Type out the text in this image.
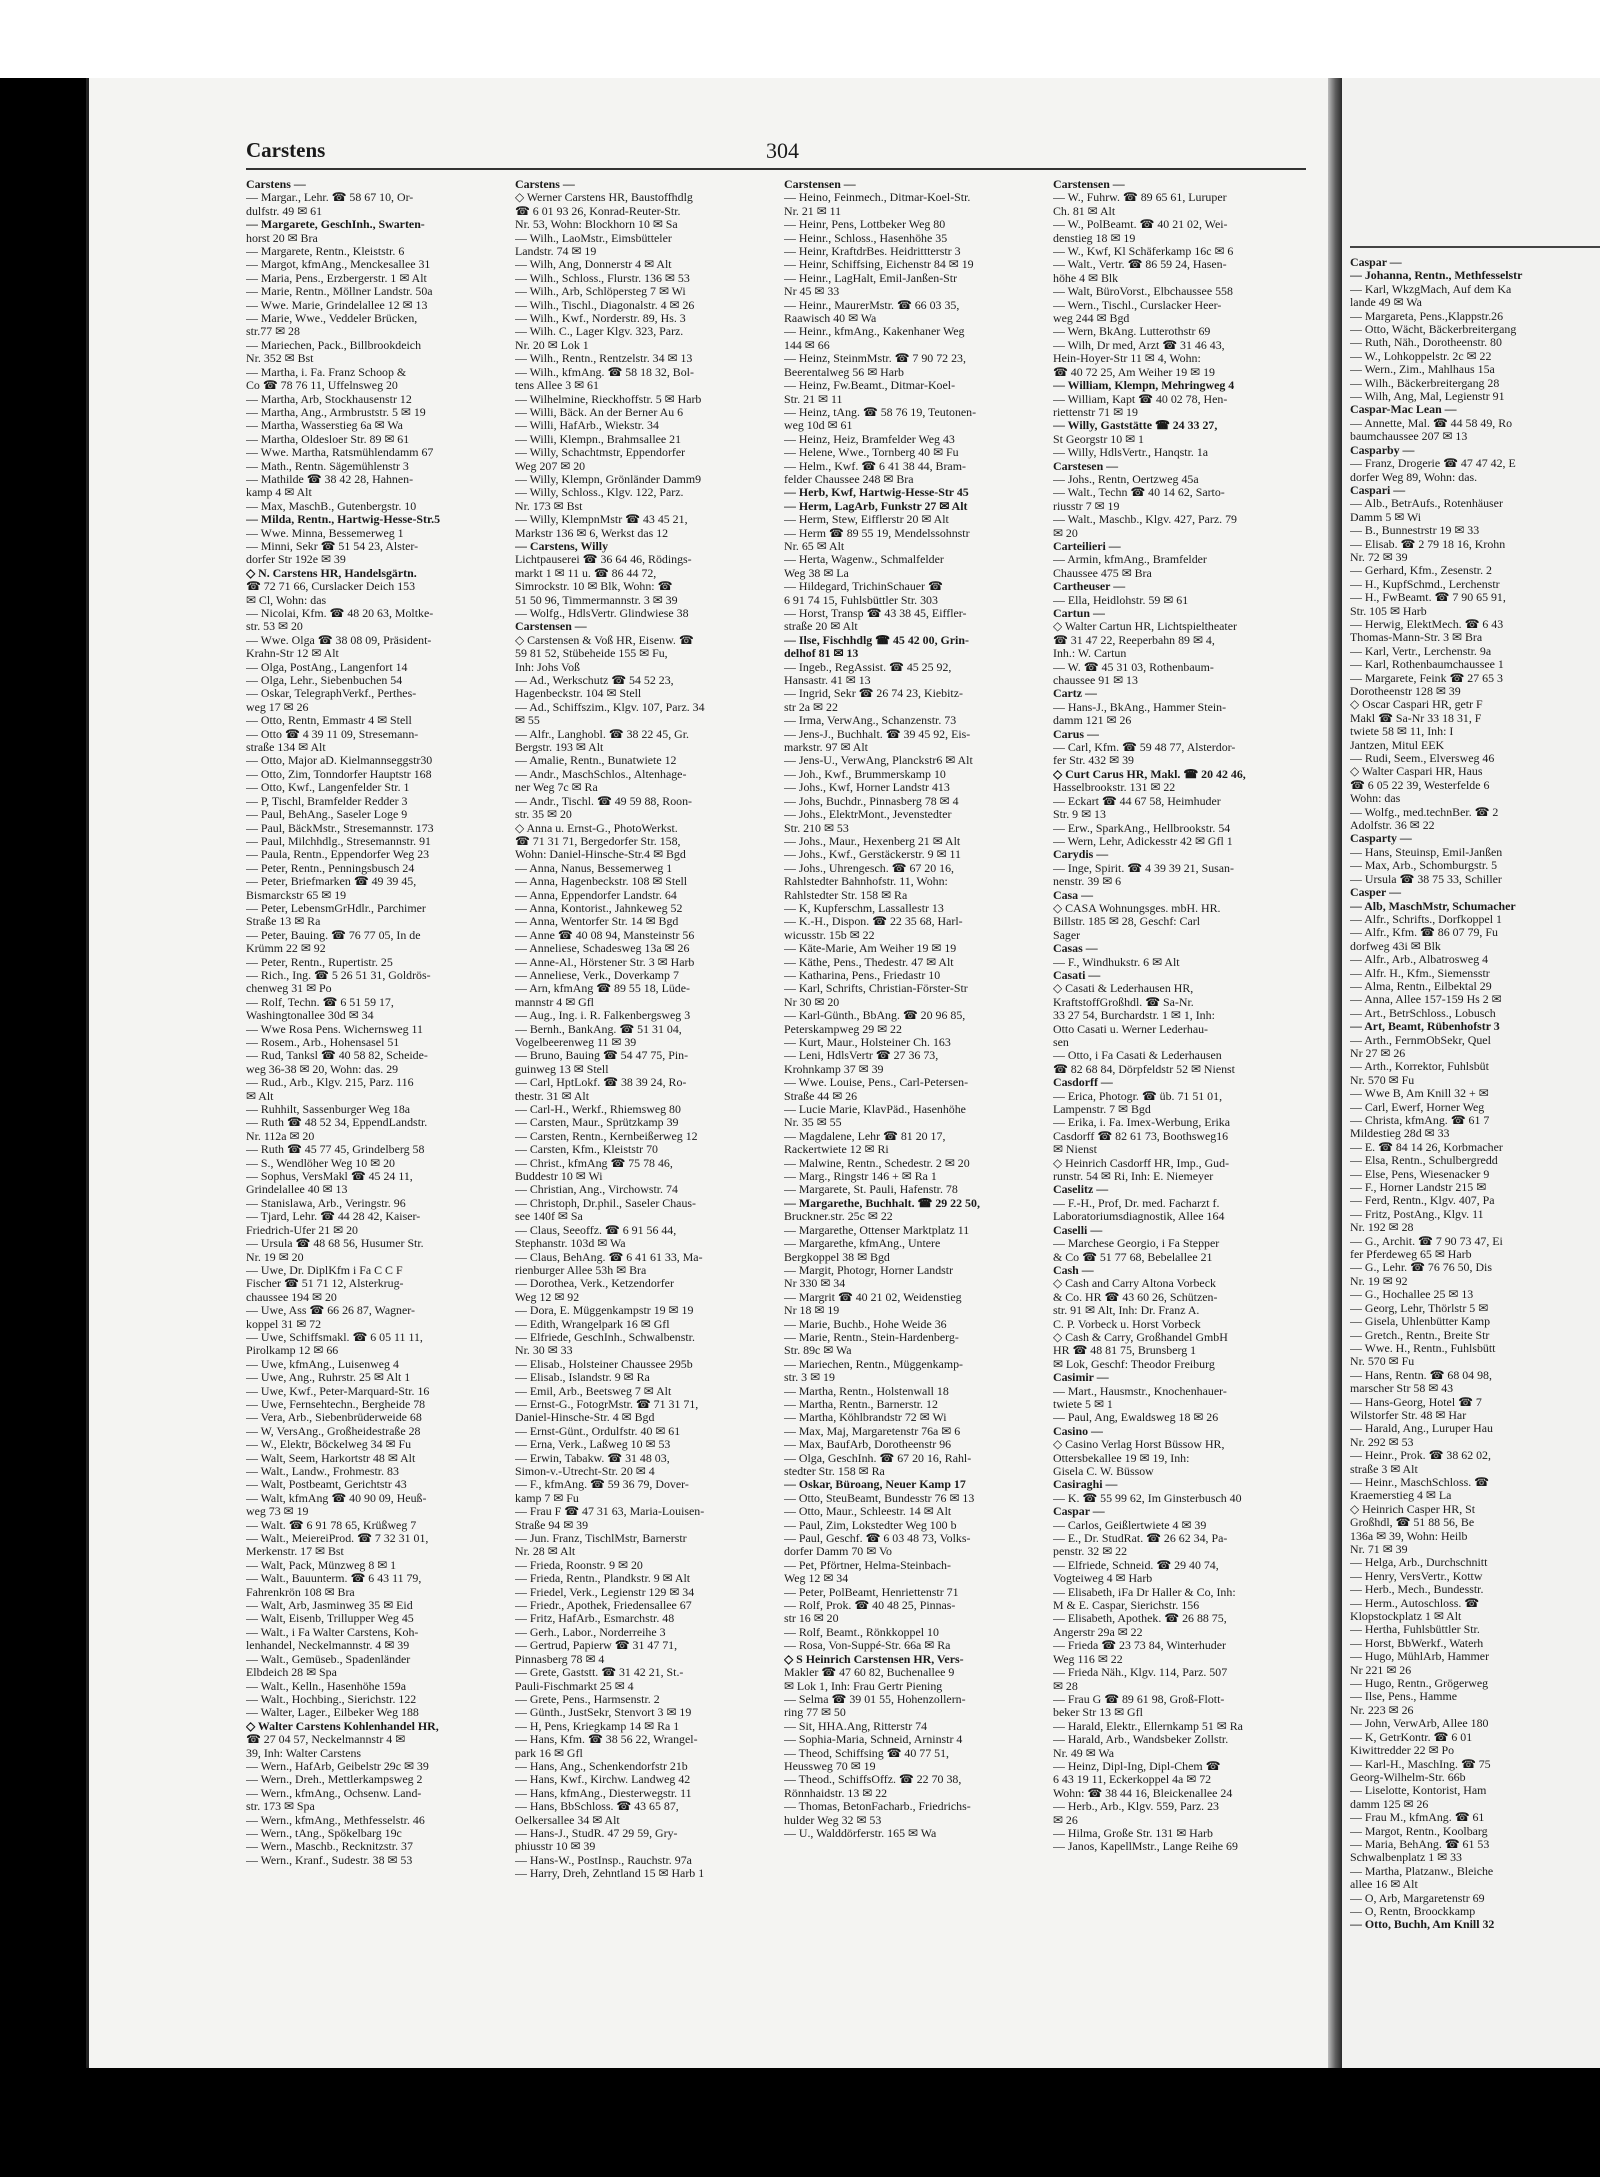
Caspar —
— Johanna, Rentn., Methfesselstr
— Karl, WkzgMach, Auf dem Ka
lande 49 ✉ Wa
— Margareta, Pens.,Klappstr.26
— Otto, Wächt, Bäckerbreitergang
— Ruth, Näh., Dorotheenstr. 80
— W., Lohkoppelstr. 2c ✉ 22
— Wern., Zim., Mahlhaus 15a
— Wilh., Bäckerbreitergang 28
— Wilh, Ang, Mal, Legienstr 91
Caspar-Mac Lean —
— Annette, Mal. ☎ 44 58 49, Ro
baumchaussee 207 ✉ 13
Casparby —
— Franz, Drogerie ☎ 47 47 42, E
dorfer Weg 89, Wohn: das.
Caspari —
— Alb., BetrAufs., Rotenhäuser
Damm 5 ✉ Wi
— B., Bunnestrstr 19 ✉ 33
— Elisab. ☎ 2 79 18 16, Krohn
Nr. 72 ✉ 39
— Gerhard, Kfm., Zesenstr. 2
— H., KupfSchmd., Lerchenstr
— H., FwBeamt. ☎ 7 90 65 91,
Str. 105 ✉ Harb
— Herwig, ElektMech. ☎ 6 43
Thomas-Mann-Str. 3 ✉ Bra
— Karl, Vertr., Lerchenstr. 9a
— Karl, Rothenbaumchaussee 1
— Margarete, Feink ☎ 27 65 3
Dorotheenstr 128 ✉ 39
◇ Oscar Caspari HR, getr F
Makl ☎ Sa-Nr 33 18 31, F
twiete 58 ✉ 11, Inh: I
Jantzen, Mitul EEK
— Rudi, Seem., Elversweg 46
◇ Walter Caspari HR, Haus
☎ 6 05 22 39, Westerfelde 6
Wohn: das
— Wolfg., med.technBer. ☎ 2
Adolfstr. 36 ✉ 22
Casparty —
— Hans, Steuinsp, Emil-Janßen
— Max, Arb., Schomburgstr. 5
— Ursula ☎ 38 75 33, Schiller
Casper —
— Alb, MaschMstr, Schumacher
— Alfr., Schrifts., Dorfkoppel 1
— Alfr., Kfm. ☎ 86 07 79, Fu
dorfweg 43i ✉ Blk
— Alfr., Arb., Albatrosweg 4
— Alfr. H., Kfm., Siemensstr
— Alma, Rentn., Eilbektal 29
— Anna, Allee 157-159 Hs 2 ✉
— Art., BetrSchloss., Lobusch
— Art, Beamt, Rübenhofstr 3
— Arth., FernmObSekr, Quel
Nr 27 ✉ 26
— Arth., Korrektor, Fuhlsbüt
Nr. 570 ✉ Fu
— Wwe B, Am Knill 32 + ✉
— Carl, Ewerf, Horner Weg
— Christa, kfmAng. ☎ 61 7
Mildestieg 28d ✉ 33
— E. ☎ 84 14 26, Korbmacher
— Elsa, Rentn., Schulbergredd
— Else, Pens, Wiesenacker 9
— F., Horner Landstr 215 ✉
— Ferd, Rentn., Klgv. 407, Pa
— Fritz, PostAng., Klgv. 11
Nr. 192 ✉ 28
— G., Archit. ☎ 7 90 73 47, Ei
fer Pferdeweg 65 ✉ Harb
— G., Lehr. ☎ 76 76 50, Dis
Nr. 19 ✉ 92
— G., Hochallee 25 ✉ 13
— Georg, Lehr, Thörlstr 5 ✉
— Gisela, Uhlenbütter Kamp
— Gretch., Rentn., Breite Str
— Wwe. H., Rentn., Fuhlsbütt
Nr. 570 ✉ Fu
— Hans, Rentn. ☎ 68 04 98,
marscher Str 58 ✉ 43
— Hans-Georg, Hotel ☎ 7
Wilstorfer Str. 48 ✉ Har
— Harald, Ang., Luruper Hau
Nr. 292 ✉ 53
— Heinr., Prok. ☎ 38 62 02,
straße 3 ✉ Alt
— Heinr., MaschSchloss. ☎
Kraemerstieg 4 ✉ La
◇ Heinrich Casper HR, St
Großhdl, ☎ 51 88 56, Be
136a ✉ 39, Wohn: Heilb
Nr. 71 ✉ 39
— Helga, Arb., Durchschnitt
— Henry, VersVertr., Kottw
— Herb., Mech., Bundesstr.
— Herm., Autoschloss. ☎
Klopstockplatz 1 ✉ Alt
— Hertha, Fuhlsbüttler Str.
— Horst, BbWerkf., Waterh
— Hugo, MühlArb, Hammer
Nr 221 ✉ 26
— Hugo, Rentn., Grögerweg
— Ilse, Pens., Hamme
Nr. 223 ✉ 26
— John, VerwArb, Allee 180
— K, GetrKontr. ☎ 6 01
Kiwittredder 22 ✉ Po
— Karl-H., MaschIng. ☎ 75
Georg-Wilhelm-Str. 66b
— Liselotte, Kontorist, Ham
damm 125 ✉ 26
— Frau M., kfmAng. ☎ 61
— Margot, Rentn., Koolbarg
— Maria, BehAng. ☎ 61 53
Schwalbenplatz 1 ✉ 33
— Martha, Platzanw., Bleiche
allee 16 ✉ Alt
— O, Arb, Margaretenstr 69
— O, Rentn, Broockkamp
— Otto, Buchh, Am Knill 32
Carstens	304
Carstens —
— Margar., Lehr. ☎ 58 67 10, Or-
dulfstr. 49 ✉ 61
— Margarete, GeschInh., Swarten-
horst 20 ✉ Bra
— Margarete, Rentn., Kleiststr. 6
— Margot, kfmAng., Menckesallee 31
— Maria, Pens., Erzbergerstr. 1 ✉ Alt
— Marie, Rentn., Möllner Landstr. 50a
— Wwe. Marie, Grindelallee 12 ✉ 13
— Marie, Wwe., Veddeler Brücken,
str.77 ✉ 28
— Mariechen, Pack., Billbrookdeich
Nr. 352 ✉ Bst
— Martha, i. Fa. Franz Schoop &
Co ☎ 78 76 11, Uffelnsweg 20
— Martha, Arb, Stockhausenstr 12
— Martha, Ang., Armbruststr. 5 ✉ 19
— Martha, Wasserstieg 6a ✉ Wa
— Martha, Oldesloer Str. 89 ✉ 61
— Wwe. Martha, Ratsmühlendamm 67
— Math., Rentn. Sägemühlenstr 3
— Mathilde ☎ 38 42 28, Hahnen-
kamp 4 ✉ Alt
— Max, MaschB., Gutenbergstr. 10
— Milda, Rentn., Hartwig-Hesse-Str.5
— Wwe. Minna, Bessemerweg 1
— Minni, Sekr ☎ 51 54 23, Alster-
dorfer Str 192e ✉ 39
◇ N. Carstens HR, Handelsgärtn.
☎ 72 71 66, Curslacker Deich 153
✉ Cl, Wohn: das
— Nicolai, Kfm. ☎ 48 20 63, Moltke-
str. 53 ✉ 20
— Wwe. Olga ☎ 38 08 09, Präsident-
Krahn-Str 12 ✉ Alt
— Olga, PostAng., Langenfort 14
— Olga, Lehr., Siebenbuchen 54
— Oskar, TelegraphVerkf., Perthes-
weg 17 ✉ 26
— Otto, Rentn, Emmastr 4 ✉ Stell
— Otto ☎ 4 39 11 09, Stresemann-
straße 134 ✉ Alt
— Otto, Major aD. Kielmannseggstr30
— Otto, Zim, Tonndorfer Hauptstr 168
— Otto, Kwf., Langenfelder Str. 1
— P, Tischl, Bramfelder Redder 3
— Paul, BehAng., Saseler Loge 9
— Paul, BäckMstr., Stresemannstr. 173
— Paul, Milchhdlg., Stresemannstr. 91
— Paula, Rentn., Eppendorfer Weg 23
— Peter, Rentn., Penningsbusch 24
— Peter, Briefmarken ☎ 49 39 45,
Bismarckstr 65 ✉ 19
— Peter, LebensmGrHdlr., Parchimer
Straße 13 ✉ Ra
— Peter, Bauing. ☎ 76 77 05, In de
Krümm 22 ✉ 92
— Peter, Rentn., Rupertistr. 25
— Rich., Ing. ☎ 5 26 51 31, Goldrös-
chenweg 31 ✉ Po
— Rolf, Techn. ☎ 6 51 59 17,
Washingtonallee 30d ✉ 34
— Wwe Rosa Pens. Wichernsweg 11
— Rosem., Arb., Hohensasel 51
— Rud, Tanksl ☎ 40 58 82, Scheide-
weg 36-38 ✉ 20, Wohn: das. 29
— Rud., Arb., Klgv. 215, Parz. 116
✉ Alt
— Ruhhilt, Sassenburger Weg 18a
— Ruth ☎ 48 52 34, EppendLandstr.
Nr. 112a ✉ 20
— Ruth ☎ 45 77 45, Grindelberg 58
— S., Wendlöher Weg 10 ✉ 20
— Sophus, VersMakl ☎ 45 24 11,
Grindelallee 40 ✉ 13
— Stanislawa, Arb., Veringstr. 96
— Tjard, Lehr. ☎ 44 28 42, Kaiser-
Friedrich-Ufer 21 ✉ 20
— Ursula ☎ 48 68 56, Husumer Str.
Nr. 19 ✉ 20
— Uwe, Dr. DiplKfm i Fa C C F
Fischer ☎ 51 71 12, Alsterkrug-
chaussee 194 ✉ 20
— Uwe, Ass ☎ 66 26 87, Wagner-
koppel 31 ✉ 72
— Uwe, Schiffsmakl. ☎ 6 05 11 11,
Pirolkamp 12 ✉ 66
— Uwe, kfmAng., Luisenweg 4
— Uwe, Ang., Ruhrstr. 25 ✉ Alt 1
— Uwe, Kwf., Peter-Marquard-Str. 16
— Uwe, Fernsehtechn., Bergheide 78
— Vera, Arb., Siebenbrüderweide 68
— W, VersAng., Großheidestraße 28
— W., Elektr, Böckelweg 34 ✉ Fu
— Walt, Seem, Harkortstr 48 ✉ Alt
— Walt., Landw., Frohmestr. 83
— Walt, Postbeamt, Gerichtstr 43
— Walt, kfmAng ☎ 40 90 09, Heuß-
weg 73 ✉ 19
— Walt. ☎ 6 91 78 65, Krüßweg 7
— Walt., MeiereiProd. ☎ 7 32 31 01,
Merkenstr. 17 ✉ Bst
— Walt, Pack, Münzweg 8 ✉ 1
— Walt., Bauunterm. ☎ 6 43 11 79,
Fahrenkrön 108 ✉ Bra
— Walt, Arb, Jasminweg 35 ✉ Eid
— Walt, Eisenb, Trillupper Weg 45
— Walt., i Fa Walter Carstens, Koh-
lenhandel, Neckelmannstr. 4 ✉ 39
— Walt., Gemüseb., Spadenländer
Elbdeich 28 ✉ Spa
— Walt., Kelln., Hasenhöhe 159a
— Walt., Hochbing., Sierichstr. 122
— Walter, Lager., Eilbeker Weg 188
◇ Walter Carstens Kohlenhandel HR,
☎ 27 04 57, Neckelmannstr 4 ✉
39, Inh: Walter Carstens
— Wern., HafArb, Geibelstr 29c ✉ 39
— Wern., Dreh., Mettlerkampsweg 2
— Wern., kfmAng., Ochsenw. Land-
str. 173 ✉ Spa
— Wern., kfmAng., Methfesselstr. 46
— Wern., tAng., Spökelbarg 19c
— Wern., Maschb., Recknitzstr. 37
— Wern., Kranf., Sudestr. 38 ✉ 53
Carstens —
◇ Werner Carstens HR, Baustoffhdlg
☎ 6 01 93 26, Konrad-Reuter-Str.
Nr. 53, Wohn: Blockhorn 10 ✉ Sa
— Wilh., LaoMstr., Eimsbütteler
Landstr. 74 ✉ 19
— Wilh, Ang, Donnerstr 4 ✉ Alt
— Wilh., Schloss., Flurstr. 136 ✉ 53
— Wilh., Arb, Schlöpersteg 7 ✉ Wi
— Wilh., Tischl., Diagonalstr. 4 ✉ 26
— Wilh., Kwf., Norderstr. 89, Hs. 3
— Wilh. C., Lager Klgv. 323, Parz.
Nr. 20 ✉ Lok 1
— Wilh., Rentn., Rentzelstr. 34 ✉ 13
— Wilh., kfmAng. ☎ 58 18 32, Bol-
tens Allee 3 ✉ 61
— Wilhelmine, Rieckhoffstr. 5 ✉ Harb
— Willi, Bäck. An der Berner Au 6
— Willi, HafArb., Wiekstr. 34
— Willi, Klempn., Brahmsallee 21
— Willy, Schachtmstr, Eppendorfer
Weg 207 ✉ 20
— Willy, Klempn, Grönländer Damm9
— Willy, Schloss., Klgv. 122, Parz.
Nr. 173 ✉ Bst
— Willy, KlempnMstr ☎ 43 45 21,
Markstr 136 ✉ 6, Werkst das 12
— Carstens, Willy
Lichtpauserei ☎ 36 64 46, Rödings-
markt 1 ✉ 11 u. ☎ 86 44 72,
Simrockstr. 10 ✉ Blk, Wohn: ☎
51 50 96, Timmermannstr. 3 ✉ 39
— Wolfg., HdlsVertr. Glindwiese 38
Carstensen —
◇ Carstensen & Voß HR, Eisenw. ☎
59 81 52, Stübeheide 155 ✉ Fu,
Inh: Johs Voß
— Ad., Werkschutz ☎ 54 52 23,
Hagenbeckstr. 104 ✉ Stell
— Ad., Schiffszim., Klgv. 107, Parz. 34
✉ 55
— Alfr., Langhobl. ☎ 38 22 45, Gr.
Bergstr. 193 ✉ Alt
— Amalie, Rentn., Bunatwiete 12
— Andr., MaschSchlos., Altenhage-
ner Weg 7c ✉ Ra
— Andr., Tischl. ☎ 49 59 88, Roon-
str. 35 ✉ 20
◇ Anna u. Ernst-G., PhotoWerkst.
☎ 71 31 71, Bergedorfer Str. 158,
Wohn: Daniel-Hinsche-Str.4 ✉ Bgd
— Anna, Nanus, Bessemerweg 1
— Anna, Hagenbeckstr. 108 ✉ Stell
— Anna, Eppendorfer Landstr. 64
— Anna, Kontorist., Jahnkeweg 52
— Anna, Wentorfer Str. 14 ✉ Bgd
— Anne ☎ 40 08 94, Mansteinstr 56
— Anneliese, Schadesweg 13a ✉ 26
— Anne-Al., Hörstener Str. 3 ✉ Harb
— Anneliese, Verk., Doverkamp 7
— Arn, kfmAng ☎ 89 55 18, Lüde-
mannstr 4 ✉ Gfl
— Aug., Ing. i. R. Falkenbergsweg 3
— Bernh., BankAng. ☎ 51 31 04,
Vogelbeerenweg 11 ✉ 39
— Bruno, Bauing ☎ 54 47 75, Pin-
guinweg 13 ✉ Stell
— Carl, HptLokf. ☎ 38 39 24, Ro-
thestr. 31 ✉ Alt
— Carl-H., Werkf., Rhiemsweg 80
— Carsten, Maur., Sprützkamp 39
— Carsten, Rentn., Kernbeißerweg 12
— Carsten, Kfm., Kleiststr 70
— Christ., kfmAng ☎ 75 78 46,
Buddestr 10 ✉ Wi
— Christian, Ang., Virchowstr. 74
— Christoph, Dr.phil., Saseler Chaus-
see 140f ✉ Sa
— Claus, Seeoffz. ☎ 6 91 56 44,
Stephanstr. 103d ✉ Wa
— Claus, BehAng. ☎ 6 41 61 33, Ma-
rienburger Allee 53h ✉ Bra
— Dorothea, Verk., Ketzendorfer
Weg 12 ✉ 92
— Dora, E. Müggenkampstr 19 ✉ 19
— Edith, Wrangelpark 16 ✉ Gfl
— Elfriede, GeschInh., Schwalbenstr.
Nr. 30 ✉ 33
— Elisab., Holsteiner Chaussee 295b
— Elisab., Islandstr. 9 ✉ Ra
— Emil, Arb., Beetsweg 7 ✉ Alt
— Ernst-G., FotogrMstr. ☎ 71 31 71,
Daniel-Hinsche-Str. 4 ✉ Bgd
— Ernst-Günt., Ordulfstr. 40 ✉ 61
— Erna, Verk., Laßweg 10 ✉ 53
— Erwin, Tabakw. ☎ 31 48 03,
Simon-v.-Utrecht-Str. 20 ✉ 4
— F., kfmAng. ☎ 59 36 79, Dover-
kamp 7 ✉ Fu
— Frau F ☎ 47 31 63, Maria-Louisen-
Straße 94 ✉ 39
— Jun. Franz, TischlMstr, Barnerstr
Nr. 28 ✉ Alt
— Frieda, Roonstr. 9 ✉ 20
— Frieda, Rentn., Plandkstr. 9 ✉ Alt
— Friedel, Verk., Legienstr 129 ✉ 34
— Friedr., Apothek, Friedensallee 67
— Fritz, HafArb., Esmarchstr. 48
— Gerh., Labor., Norderreihe 3
— Gertrud, Papierw ☎ 31 47 71,
Pinnasberg 78 ✉ 4
— Grete, Gaststt. ☎ 31 42 21, St.-
Pauli-Fischmarkt 25 ✉ 4
— Grete, Pens., Harmsenstr. 2
— Günth., JustSekr, Stenvort 3 ✉ 19
— H, Pens, Kriegkamp 14 ✉ Ra 1
— Hans, Kfm. ☎ 38 56 22, Wrangel-
park 16 ✉ Gfl
— Hans, Ang., Schenkendorfstr 21b
— Hans, Kwf., Kirchw. Landweg 42
— Hans, kfmAng., Diesterwegstr. 11
— Hans, BbSchloss. ☎ 43 65 87,
Oelkersallee 34 ✉ Alt
— Hans-J., StudR. 47 29 59, Gry-
phiusstr 10 ✉ 39
— Hans-W., PostInsp., Rauchstr. 97a
— Harry, Dreh, Zehntland 15 ✉ Harb 1
Carstensen —
— Heino, Feinmech., Ditmar-Koel-Str.
Nr. 21 ✉ 11
— Heinr, Pens, Lottbeker Weg 80
— Heinr., Schloss., Hasenhöhe 35
— Heinr, KraftdrBes. Heidrittterstr 3
— Heinr, Schiffsing, Eichenstr 84 ✉ 19
— Heinr., LagHalt, Emil-Janßen-Str
Nr 45 ✉ 33
— Heinr., MaurerMstr. ☎ 66 03 35,
Raawisch 40 ✉ Wa
— Heinr., kfmAng., Kakenhaner Weg
144 ✉ 66
— Heinz, SteinmMstr. ☎ 7 90 72 23,
Beerentalweg 56 ✉ Harb
— Heinz, Fw.Beamt., Ditmar-Koel-
Str. 21 ✉ 11
— Heinz, tAng. ☎ 58 76 19, Teutonen-
weg 10d ✉ 61
— Heinz, Heiz, Bramfelder Weg 43
— Helene, Wwe., Tornberg 40 ✉ Fu
— Helm., Kwf. ☎ 6 41 38 44, Bram-
felder Chaussee 248 ✉ Bra
— Herb, Kwf, Hartwig-Hesse-Str 45
— Herm, LagArb, Funkstr 27 ✉ Alt
— Herm, Stew, Eifflerstr 20 ✉ Alt
— Herm ☎ 89 55 19, Mendelssohnstr
Nr. 65 ✉ Alt
— Herta, Wagenw., Schmalfelder
Weg 38 ✉ La
— Hildegard, TrichinSchauer ☎
6 91 74 15, Fuhlsbüttler Str. 303
— Horst, Transp ☎ 43 38 45, Eiffler-
straße 20 ✉ Alt
— Ilse, Fischhdlg ☎ 45 42 00, Grin-
delhof 81 ✉ 13
— Ingeb., RegAssist. ☎ 45 25 92,
Hansastr. 41 ✉ 13
— Ingrid, Sekr ☎ 26 74 23, Kiebitz-
str 2a ✉ 22
— Irma, VerwAng., Schanzenstr. 73
— Jens-J., Buchhalt. ☎ 39 45 92, Eis-
markstr. 97 ✉ Alt
— Jens-U., VerwAng, Planckstr6 ✉ Alt
— Joh., Kwf., Brummerskamp 10
— Johs., Kwf, Horner Landstr 413
— Johs, Buchdr., Pinnasberg 78 ✉ 4
— Johs., ElektrMont., Jevenstedter
Str. 210 ✉ 53
— Johs., Maur., Hexenberg 21 ✉ Alt
— Johs., Kwf., Gerstäckerstr. 9 ✉ 11
— Johs., Uhrengesch. ☎ 67 20 16,
Rahlstedter Bahnhofstr. 11, Wohn:
Rahlstedter Str. 158 ✉ Ra
— K, Kupferschm, Lassallestr 13
— K.-H., Dispon. ☎ 22 35 68, Harl-
wicusstr. 15b ✉ 22
— Käte-Marie, Am Weiher 19 ✉ 19
— Käthe, Pens., Thedestr. 47 ✉ Alt
— Katharina, Pens., Friedastr 10
— Karl, Schrifts, Christian-Förster-Str
Nr 30 ✉ 20
— Karl-Günth., BbAng. ☎ 20 96 85,
Peterskampweg 29 ✉ 22
— Kurt, Maur., Holsteiner Ch. 163
— Leni, HdlsVertr ☎ 27 36 73,
Krohnkamp 37 ✉ 39
— Wwe. Louise, Pens., Carl-Petersen-
Straße 44 ✉ 26
— Lucie Marie, KlavPäd., Hasenhöhe
Nr. 35 ✉ 55
— Magdalene, Lehr ☎ 81 20 17,
Rackertwiete 12 ✉ Ri
— Malwine, Rentn., Schedestr. 2 ✉ 20
— Marg., Ringstr 146 + ✉ Ra 1
— Margarete, St. Pauli, Hafenstr. 78
— Margarethe, Buchhalt. ☎ 29 22 50,
Bruckner.str. 25c ✉ 22
— Margarethe, Ottenser Marktplatz 11
— Margarethe, kfmAng., Untere
Bergkoppel 38 ✉ Bgd
— Margit, Photogr, Horner Landstr
Nr 330 ✉ 34
— Margrit ☎ 40 21 02, Weidenstieg
Nr 18 ✉ 19
— Marie, Buchb., Hohe Weide 36
— Marie, Rentn., Stein-Hardenberg-
Str. 89c ✉ Wa
— Mariechen, Rentn., Müggenkamp-
str. 3 ✉ 19
— Martha, Rentn., Holstenwall 18
— Martha, Rentn., Barnerstr. 12
— Martha, Köhlbrandstr 72 ✉ Wi
— Max, Maj, Margaretenstr 76a ✉ 6
— Max, BaufArb, Dorotheenstr 96
— Olga, GeschInh. ☎ 67 20 16, Rahl-
stedter Str. 158 ✉ Ra
— Oskar, Büroang, Neuer Kamp 17
— Otto, SteuBeamt, Bundesstr 76 ✉ 13
— Otto, Maur., Schleestr. 14 ✉ Alt
— Paul, Zim, Lokstedter Weg 100 b
— Paul, Geschf. ☎ 6 03 48 73, Volks-
dorfer Damm 70 ✉ Vo
— Pet, Pförtner, Helma-Steinbach-
Weg 12 ✉ 34
— Peter, PolBeamt, Henriettenstr 71
— Rolf, Prok. ☎ 40 48 25, Pinnas-
str 16 ✉ 20
— Rolf, Beamt., Rönkkoppel 10
— Rosa, Von-Suppé-Str. 66a ✉ Ra
◇ S Heinrich Carstensen HR, Vers-
Makler ☎ 47 60 82, Buchenallee 9
✉ Lok 1, Inh: Frau Gertr Piening
— Selma ☎ 39 01 55, Hohenzollern-
ring 77 ✉ 50
— Sit, HHA.Ang, Ritterstr 74
— Sophia-Maria, Schneid, Arninstr 4
— Theod, Schiffsing ☎ 40 77 51,
Heussweg 70 ✉ 19
— Theod., SchiffsOffz. ☎ 22 70 38,
Rönnhaidstr. 13 ✉ 22
— Thomas, BetonFacharb., Friedrichs-
hulder Weg 32 ✉ 53
— U., Walddörferstr. 165 ✉ Wa
Carstensen —
— W., Fuhrw. ☎ 89 65 61, Luruper
Ch. 81 ✉ Alt
— W., PolBeamt. ☎ 40 21 02, Wei-
denstieg 18 ✉ 19
— W., Kwf, Kl Schäferkamp 16c ✉ 6
— Walt., Vertr. ☎ 86 59 24, Hasen-
höhe 4 ✉ Blk
— Walt, BüroVorst., Elbchaussee 558
— Wern., Tischl., Curslacker Heer-
weg 244 ✉ Bgd
— Wern, BkAng. Lutterothstr 69
— Wilh, Dr med, Arzt ☎ 31 46 43,
Hein-Hoyer-Str 11 ✉ 4, Wohn:
☎ 40 72 25, Am Weiher 19 ✉ 19
— William, Klempn, Mehringweg 4
— William, Kapt ☎ 40 02 78, Hen-
riettenstr 71 ✉ 19
— Willy, Gaststätte ☎ 24 33 27,
St Georgstr 10 ✉ 1
— Willy, HdlsVertr., Hanqstr. 1a
Carstesen —
— Johs., Rentn, Oertzweg 45a
— Walt., Techn ☎ 40 14 62, Sarto-
riusstr 7 ✉ 19
— Walt., Maschb., Klgv. 427, Parz. 79
✉ 20
Carteilieri —
— Armin, kfmAng., Bramfelder
Chaussee 475 ✉ Bra
Cartheuser —
— Ella, Heidlohstr. 59 ✉ 61
Cartun —
◇ Walter Cartun HR, Lichtspieltheater
☎ 31 47 22, Reeperbahn 89 ✉ 4,
Inh.: W. Cartun
— W. ☎ 45 31 03, Rothenbaum-
chaussee 91 ✉ 13
Cartz —
— Hans-J., BkAng., Hammer Stein-
damm 121 ✉ 26
Carus —
— Carl, Kfm. ☎ 59 48 77, Alsterdor-
fer Str. 432 ✉ 39
◇ Curt Carus HR, Makl. ☎ 20 42 46,
Hasselbrookstr. 131 ✉ 22
— Eckart ☎ 44 67 58, Heimhuder
Str. 9 ✉ 13
— Erw., SparkAng., Hellbrookstr. 54
— Wern, Lehr, Adickesstr 42 ✉ Gfl 1
Carydis —
— Inge, Spirit. ☎ 4 39 39 21, Susan-
nenstr. 39 ✉ 6
Casa —
◇ CASA Wohnungsges. mbH. HR.
Billstr. 185 ✉ 28, Geschf: Carl
Sager
Casas —
— F., Windhukstr. 6 ✉ Alt
Casati —
◇ Casati & Lederhausen HR,
KraftstoffGroßhdl. ☎ Sa-Nr.
33 27 54, Burchardstr. 1 ✉ 1, Inh:
Otto Casati u. Werner Lederhau-
sen
— Otto, i Fa Casati & Lederhausen
☎ 82 68 84, Dörpfeldstr 52 ✉ Nienst
Casdorff —
— Erica, Photogr. ☎ üb. 71 51 01,
Lampenstr. 7 ✉ Bgd
— Erika, i. Fa. Imex-Werbung, Erika
Casdorff ☎ 82 61 73, Boothsweg16
✉ Nienst
◇ Heinrich Casdorff HR, Imp., Gud-
runstr. 54 ✉ Ri, Inh: E. Niemeyer
Caselitz —
— F.-H., Prof, Dr. med. Facharzt f.
Laboratoriumsdiagnostik, Allee 164
Caselli —
— Marchese Georgio, i Fa Stepper
& Co ☎ 51 77 68, Bebelallee 21
Cash —
◇ Cash and Carry Altona Vorbeck
& Co. HR ☎ 43 60 26, Schützen-
str. 91 ✉ Alt, Inh: Dr. Franz A.
C. P. Vorbeck u. Horst Vorbeck
◇ Cash & Carry, Großhandel GmbH
HR ☎ 48 81 75, Brunsberg 1
✉ Lok, Geschf: Theodor Freiburg
Casimir —
— Mart., Hausmstr., Knochenhauer-
twiete 5 ✉ 1
— Paul, Ang, Ewaldsweg 18 ✉ 26
Casino —
◇ Casino Verlag Horst Büssow HR,
Ottersbekallee 19 ✉ 19, Inh:
Gisela C. W. Büssow
Casiraghi —
— K. ☎ 55 99 62, Im Ginsterbusch 40
Caspar —
— Carlos, Geißlertwiete 4 ✉ 39
— E., Dr. StudRat. ☎ 26 62 34, Pa-
penstr. 32 ✉ 22
— Elfriede, Schneid. ☎ 29 40 74,
Vogteiweg 4 ✉ Harb
— Elisabeth, iFa Dr Haller & Co, Inh:
M & E. Caspar, Sierichstr. 156
— Elisabeth, Apothek. ☎ 26 88 75,
Angerstr 29a ✉ 22
— Frieda ☎ 23 73 84, Winterhuder
Weg 116 ✉ 22
— Frieda Näh., Klgv. 114, Parz. 507
✉ 28
— Frau G ☎ 89 61 98, Groß-Flott-
beker Str 13 ✉ Gfl
— Harald, Elektr., Ellernkamp 51 ✉ Ra
— Harald, Arb., Wandsbeker Zollstr.
Nr. 49 ✉ Wa
— Heinz, Dipl-Ing, Dipl-Chem ☎
6 43 19 11, Eckerkoppel 4a ✉ 72
Wohn: ☎ 38 44 16, Bleickenallee 24
— Herb., Arb., Klgv. 559, Parz. 23
✉ 26
— Hilma, Große Str. 131 ✉ Harb
— Janos, KapellMstr., Lange Reihe 69
